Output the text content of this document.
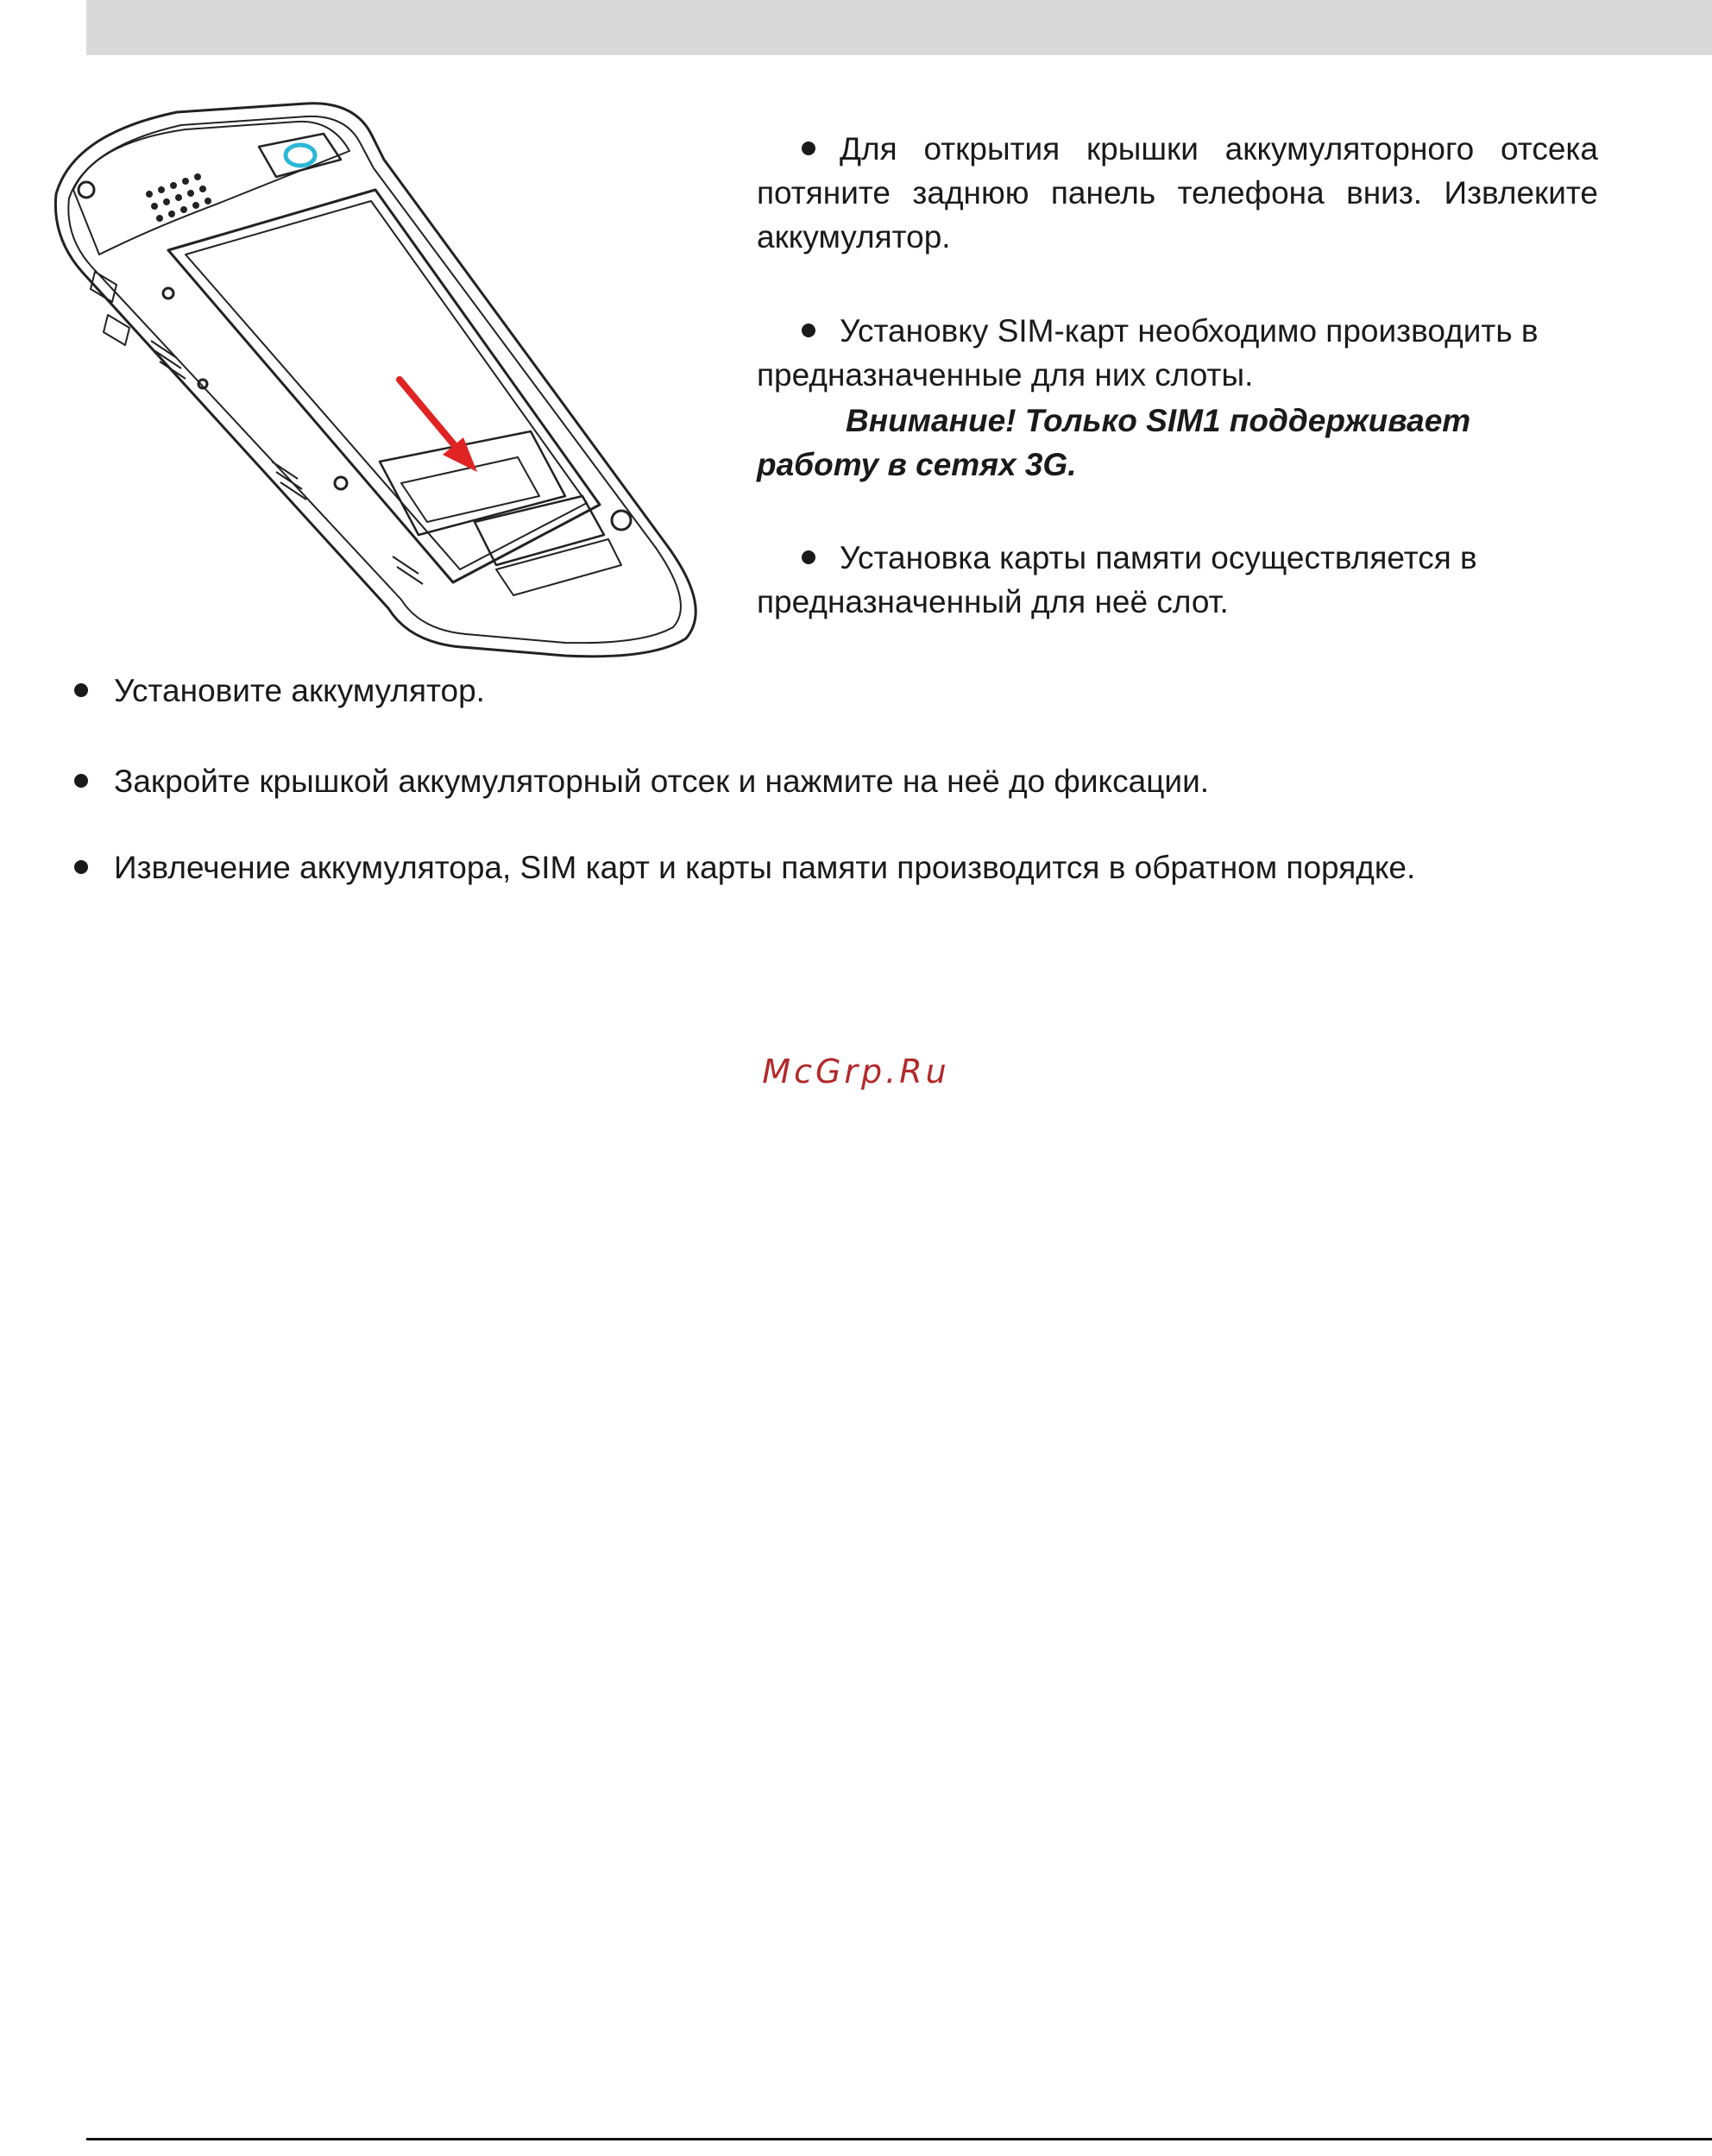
Для открытия крышки аккумуляторного отсека потяните заднюю панель телефона вниз. Извлеките аккумулятор.
Установку SIM-карт необходимо производить в предназначенные для них слоты.
Внимание! Только SIM1 поддерживает
работу в сетях 3G.
Установка карты памяти осуществляется в предназначенный для неё слот.
Установите аккумулятор.
Закройте крышкой аккумуляторный отсек и нажмите на неё до фиксации.
Извлечение аккумулятора, SIM карт и карты памяти производится в обратном порядке.
McGrp.Ru
